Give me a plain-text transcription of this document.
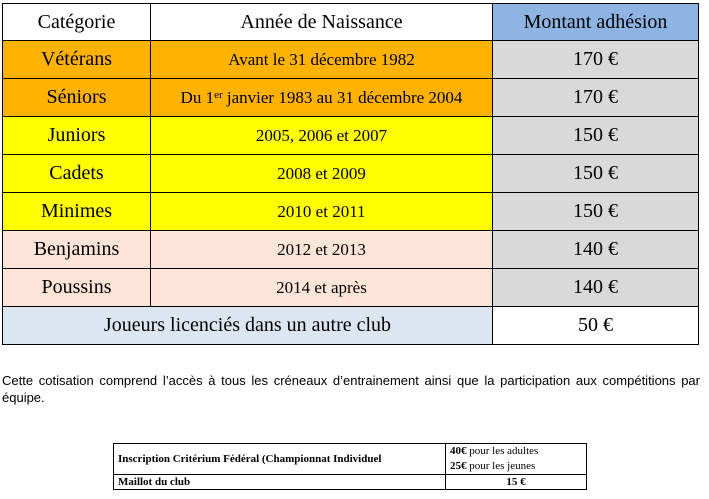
Catégorie	Année de Naissance	Montant adhésion
Vétérans	Avant le 31 décembre 1982	170 €
Séniors	Du 1er janvier 1983 au 31 décembre 2004	170 €
Juniors	2005, 2006 et 2007	150 €
Cadets	2008 et 2009	150 €
Minimes	2010 et 2011	150 €
Benjamins	2012 et 2013	140 €
Poussins	2014 et après	140 €
Joueurs licenciés dans un autre club		50 €

Cette cotisation comprend l’accès à tous les créneaux d’entrainement ainsi que la participation aux compétitions par équipe.

Inscription Critérium Fédéral (Championnat Individuel	40€ pour les adultes
25€ pour les jeunes

Maillot du club	15 €
